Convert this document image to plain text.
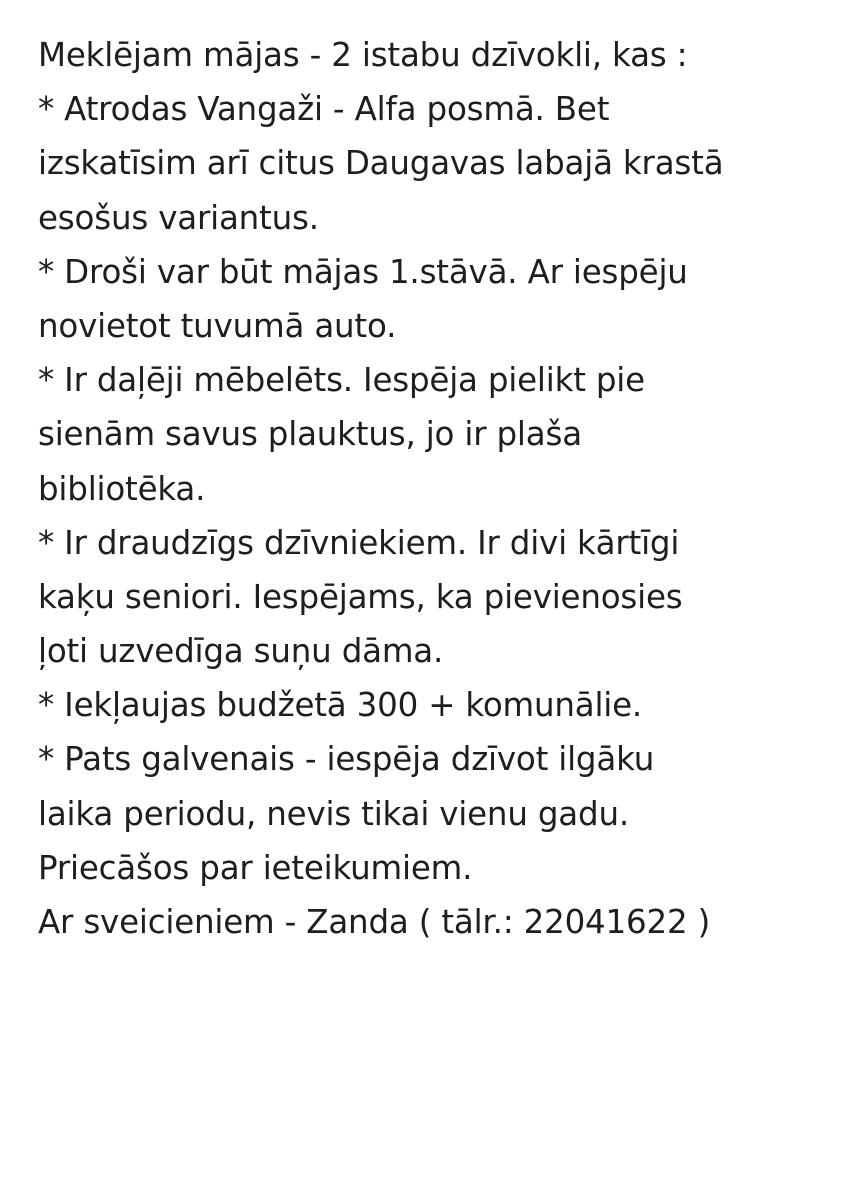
Meklējam mājas - 2 istabu dzīvokli, kas :
* Atrodas Vangaži - Alfa posmā. Bet
izskatīsim arī citus Daugavas labajā krastā
esošus variantus.
* Droši var būt mājas 1.stāvā. Ar iespēju
novietot tuvumā auto.
* Ir daļēji mēbelēts. Iespēja pielikt pie
sienām savus plauktus, jo ir plaša
bibliotēka.
* Ir draudzīgs dzīvniekiem. Ir divi kārtīgi
kaķu seniori. Iespējams, ka pievienosies
ļoti uzvedīga suņu dāma.
* Iekļaujas budžetā 300 + komunālie.
* Pats galvenais - iespēja dzīvot ilgāku
laika periodu, nevis tikai vienu gadu.
Priecāšos par ieteikumiem.
Ar sveicieniem - Zanda ( tālr.: 22041622 )
